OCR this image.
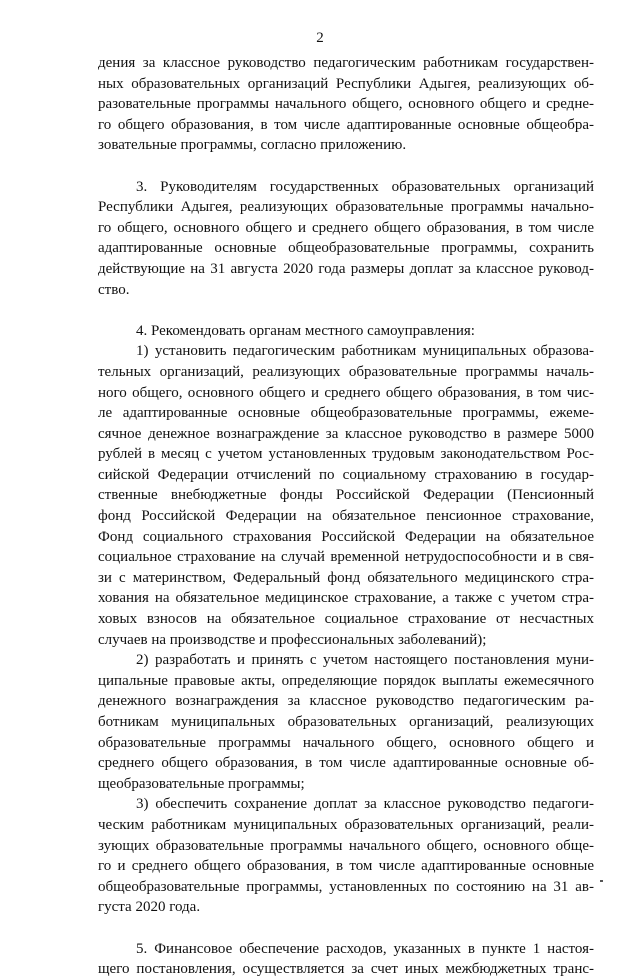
2
дения за классное руководство педагогическим работникам государствен-
ных образовательных организаций Республики Адыгея, реализующих об-
разовательные программы начального общего, основного общего и средне-
го общего образования, в том числе адаптированные основные общеобра-
зовательные программы, согласно приложению.
3. Руководителям государственных образовательных организаций
Республики Адыгея, реализующих образовательные программы начально-
го общего, основного общего и среднего общего образования, в том числе
адаптированные основные общеобразовательные программы, сохранить
действующие на 31 августа 2020 года размеры доплат за классное руковод-
ство.
4. Рекомендовать органам местного самоуправления:
1) установить педагогическим работникам муниципальных образова-
тельных организаций, реализующих образовательные программы началь-
ного общего, основного общего и среднего общего образования, в том чис-
ле адаптированные основные общеобразовательные программы, ежеме-
сячное денежное вознаграждение за классное руководство в размере 5000
рублей в месяц с учетом установленных трудовым законодательством Рос-
сийской Федерации отчислений по социальному страхованию в государ-
ственные внебюджетные фонды Российской Федерации (Пенсионный
фонд Российской Федерации на обязательное пенсионное страхование,
Фонд социального страхования Российской Федерации на обязательное
социальное страхование на случай временной нетрудоспособности и в свя-
зи с материнством, Федеральный фонд обязательного медицинского стра-
хования на обязательное медицинское страхование, а также с учетом стра-
ховых взносов на обязательное социальное страхование от несчастных
случаев на производстве и профессиональных заболеваний);
2) разработать и принять с учетом настоящего постановления муни-
ципальные правовые акты, определяющие порядок выплаты ежемесячного
денежного вознаграждения за классное руководство педагогическим ра-
ботникам муниципальных образовательных организаций, реализующих
образовательные программы начального общего, основного общего и
среднего общего образования, в том числе адаптированные основные об-
щеобразовательные программы;
3) обеспечить сохранение доплат за классное руководство педагоги-
ческим работникам муниципальных образовательных организаций, реали-
зующих образовательные программы начального общего, основного обще-
го и среднего общего образования, в том числе адаптированные основные
общеобразовательные программы, установленных по состоянию на 31 ав-
густа 2020 года.
5. Финансовое обеспечение расходов, указанных в пункте 1 настоя-
щего постановления, осуществляется за счет иных межбюджетных транс-
